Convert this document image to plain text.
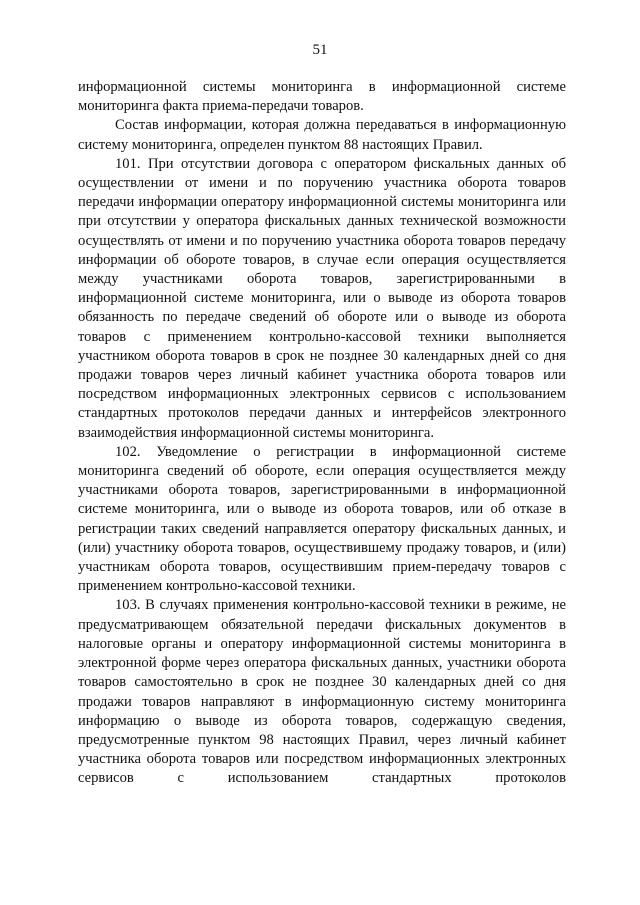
51

информационной системы мониторинга в информационной системе мониторинга факта приема-передачи товаров.

Состав информации, которая должна передаваться в информационную систему мониторинга, определен пунктом 88 настоящих Правил.

101. При отсутствии договора с оператором фискальных данных об осуществлении от имени и по поручению участника оборота товаров передачи информации оператору информационной системы мониторинга или при отсутствии у оператора фискальных данных технической возможности осуществлять от имени и по поручению участника оборота товаров передачу информации об обороте товаров, в случае если операция осуществляется между участниками оборота товаров, зарегистрированными в информационной системе мониторинга, или о выводе из оборота товаров обязанность по передаче сведений об обороте или о выводе из оборота товаров с применением контрольно-кассовой техники выполняется участником оборота товаров в срок не позднее 30 календарных дней со дня продажи товаров через личный кабинет участника оборота товаров или посредством информационных электронных сервисов с использованием стандартных протоколов передачи данных и интерфейсов электронного взаимодействия информационной системы мониторинга.

102. Уведомление о регистрации в информационной системе мониторинга сведений об обороте, если операция осуществляется между участниками оборота товаров, зарегистрированными в информационной системе мониторинга, или о выводе из оборота товаров, или об отказе в регистрации таких сведений направляется оператору фискальных данных, и (или) участнику оборота товаров, осуществившему продажу товаров, и (или) участникам оборота товаров, осуществившим прием-передачу товаров с применением контрольно-кассовой техники.

103. В случаях применения контрольно-кассовой техники в режиме, не предусматривающем обязательной передачи фискальных документов в налоговые органы и оператору информационной системы мониторинга в электронной форме через оператора фискальных данных, участники оборота товаров самостоятельно в срок не позднее 30 календарных дней со дня продажи товаров направляют в информационную систему мониторинга информацию о выводе из оборота товаров, содержащую сведения, предусмотренные пунктом 98 настоящих Правил, через личный кабинет участника оборота товаров или посредством информационных электронных сервисов с использованием стандартных протоколов
